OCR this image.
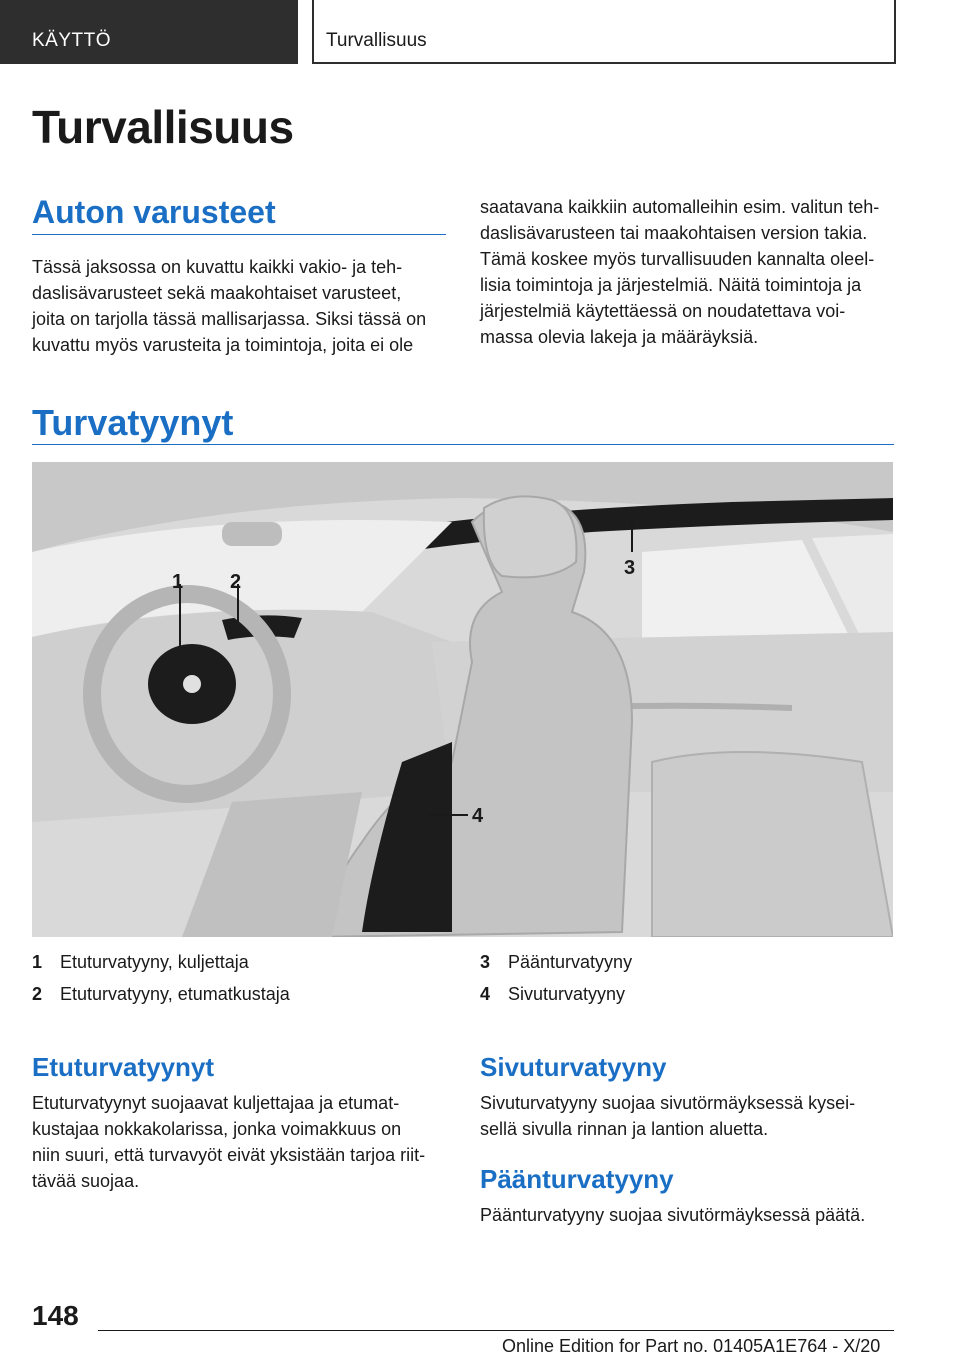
KÄYTTÖ	Turvallisuus
Turvallisuus
Auton varusteet

Tässä jaksossa on kuvattu kaikki vakio- ja teh‐

daslisävarusteet sekä maakohtaiset varusteet,

joita on tarjolla tässä mallisarjassa. Siksi tässä on

kuvattu myös varusteita ja toimintoja, joita ei ole

saatavana kaikkiin automalleihin esim. valitun teh‐

daslisävarusteen tai maakohtaisen version takia.

Tämä koskee myös turvallisuuden kannalta oleel‐

lisia toimintoja ja järjestelmiä. Näitä toimintoja ja

järjestelmiä käytettäessä on noudatettava voi‐

massa olevia lakeja ja määräyksiä.

Turvatyynyt
1 2
3
4
1 Etuturvatyyny, kuljettaja
2 Etuturvatyyny, etumatkustaja
3 Päänturvatyyny
4 Sivuturvatyyny
Etuturvatyynyt

Etuturvatyynyt suojaavat kuljettajaa ja etumat‐

kustajaa nokkakolarissa, jonka voimakkuus on

niin suuri, että turvavyöt eivät yksistään tarjoa riit‐

tävää suojaa.

Sivuturvatyyny

Sivuturvatyyny suojaa sivutörmäyksessä kysei‐

sellä sivulla rinnan ja lantion aluetta.

Päänturvatyyny

Päänturvatyyny suojaa sivutörmäyksessä päätä.

148
Online Edition for Part no. 01405A1E764 - X/20
